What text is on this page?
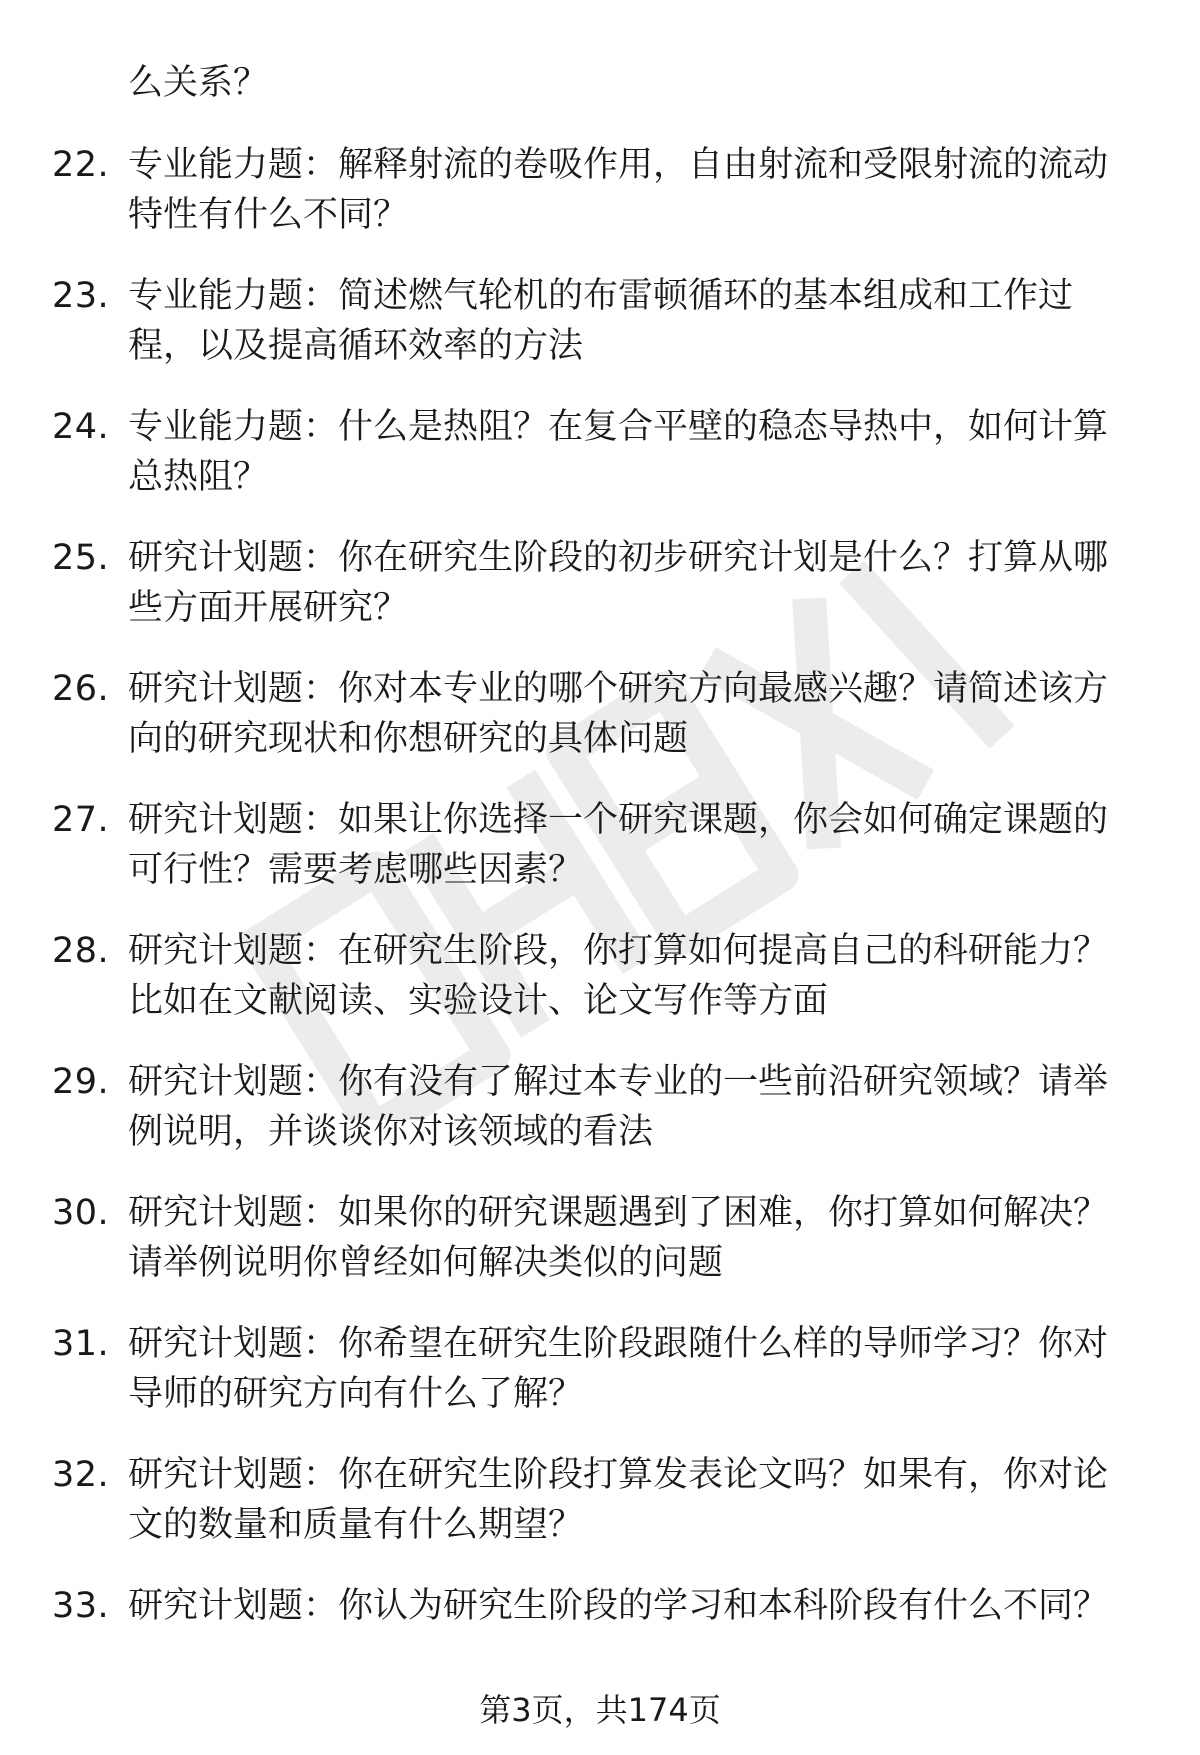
么关系？
22. 专业能力题：解释射流的卷吸作用，自由射流和受限射流的流动特性有什么不同？
23. 专业能力题：简述燃气轮机的布雷顿循环的基本组成和工作过程，以及提高循环效率的方法
24. 专业能力题：什么是热阻？在复合平壁的稳态导热中，如何计算总热阻？
25. 研究计划题：你在研究生阶段的初步研究计划是什么？打算从哪些方面开展研究？
26. 研究计划题：你对本专业的哪个研究方向最感兴趣？请简述该方向的研究现状和你想研究的具体问题
27. 研究计划题：如果让你选择一个研究课题，你会如何确定课题的可行性？需要考虑哪些因素？
28. 研究计划题：在研究生阶段，你打算如何提高自己的科研能力？比如在文献阅读、实验设计、论文写作等方面
29. 研究计划题：你有没有了解过本专业的一些前沿研究领域？请举例说明，并谈谈你对该领域的看法
30. 研究计划题：如果你的研究课题遇到了困难，你打算如何解决？请举例说明你曾经如何解决类似的问题
31. 研究计划题：你希望在研究生阶段跟随什么样的导师学习？你对导师的研究方向有什么了解？
32. 研究计划题：你在研究生阶段打算发表论文吗？如果有，你对论文的数量和质量有什么期望？
33. 研究计划题：你认为研究生阶段的学习和本科阶段有什么不同？
第3页，共174页
